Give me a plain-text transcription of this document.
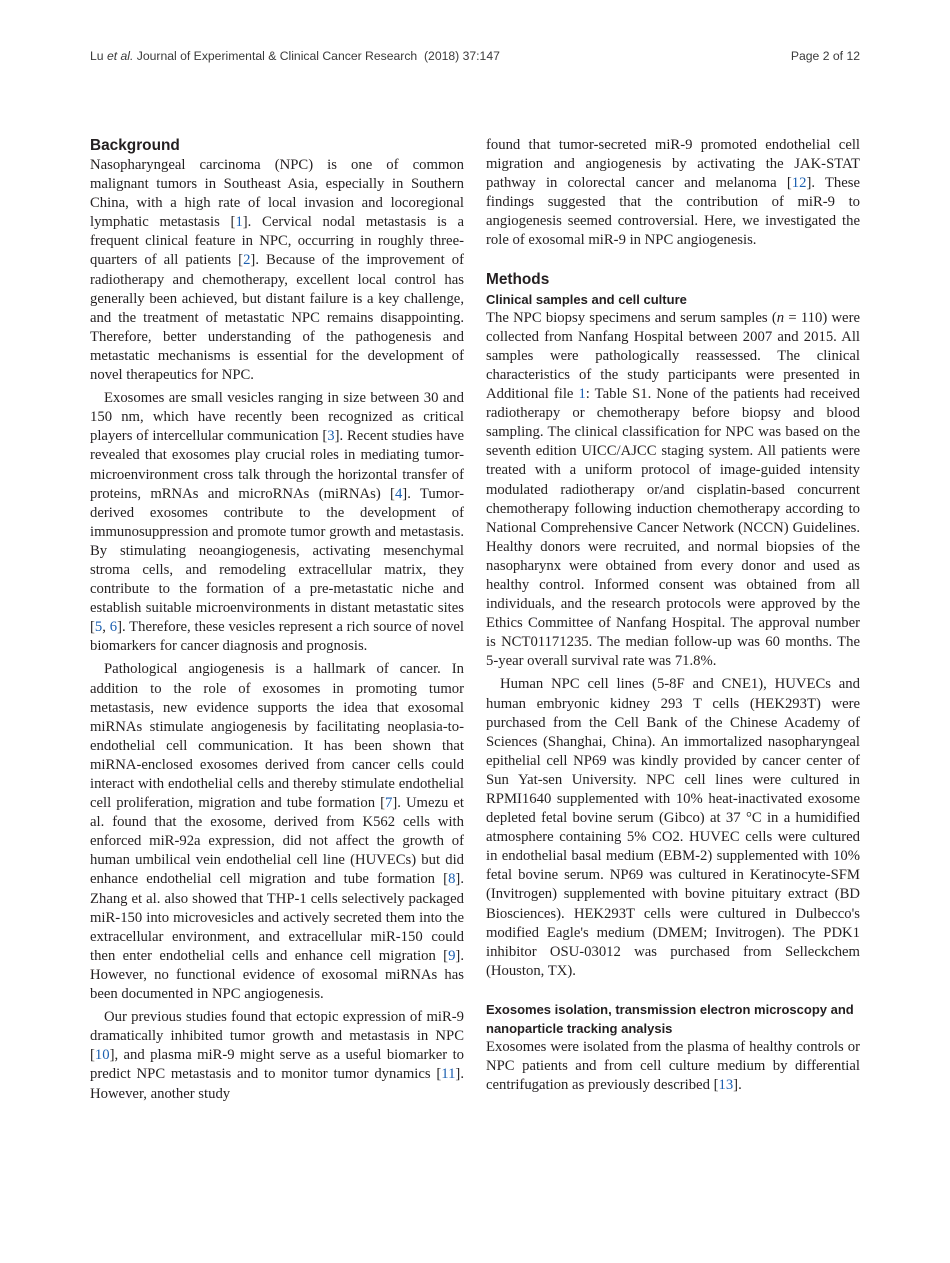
Lu et al. Journal of Experimental & Clinical Cancer Research (2018) 37:147	Page 2 of 12
Background

Nasopharyngeal carcinoma (NPC) is one of common malignant tumors in Southeast Asia, especially in Southern China, with a high rate of local invasion and locoregional lymphatic metastasis [1]. Cervical nodal metastasis is a frequent clinical feature in NPC, occurring in roughly three-quarters of all patients [2]. Because of the improvement of radiotherapy and chemotherapy, excellent local control has generally been achieved, but distant failure is a key challenge, and the treatment of metastatic NPC remains disappointing. Therefore, better understanding of the pathogenesis and metastatic mechanisms is essential for the development of novel therapeutics for NPC.

Exosomes are small vesicles ranging in size between 30 and 150 nm, which have recently been recognized as critical players of intercellular communication [3]. Recent studies have revealed that exosomes play crucial roles in mediating tumor-microenvironment cross talk through the horizontal transfer of proteins, mRNAs and microRNAs (miRNAs) [4]. Tumor-derived exosomes contribute to the development of immunosuppression and promote tumor growth and metastasis. By stimulating neoangiogenesis, activating mesenchymal stroma cells, and remodeling extracellular matrix, they contribute to the formation of a pre-metastatic niche and establish suitable microenvironments in distant metastatic sites [5, 6]. Therefore, these vesicles represent a rich source of novel biomarkers for cancer diagnosis and prognosis.

Pathological angiogenesis is a hallmark of cancer. In addition to the role of exosomes in promoting tumor metastasis, new evidence supports the idea that exosomal miRNAs stimulate angiogenesis by facilitating neoplasia-to-endothelial cell communication. It has been shown that miRNA-enclosed exosomes derived from cancer cells could interact with endothelial cells and thereby stimulate endothelial cell proliferation, migration and tube formation [7]. Umezu et al. found that the exosome, derived from K562 cells with enforced miR-92a expression, did not affect the growth of human umbilical vein endothelial cell line (HUVECs) but did enhance endothelial cell migration and tube formation [8]. Zhang et al. also showed that THP-1 cells selectively packaged miR-150 into microvesicles and actively secreted them into the extracellular environment, and extracellular miR-150 could then enter endothelial cells and enhance cell migration [9]. However, no functional evidence of exosomal miRNAs has been documented in NPC angiogenesis.

Our previous studies found that ectopic expression of miR-9 dramatically inhibited tumor growth and metastasis in NPC [10], and plasma miR-9 might serve as a useful biomarker to predict NPC metastasis and to monitor tumor dynamics [11]. However, another study

found that tumor-secreted miR-9 promoted endothelial cell migration and angiogenesis by activating the JAK-STAT pathway in colorectal cancer and melanoma [12]. These findings suggested that the contribution of miR-9 to angiogenesis seemed controversial. Here, we investigated the role of exosomal miR-9 in NPC angiogenesis.

Methods
Clinical samples and cell culture

The NPC biopsy specimens and serum samples (n = 110) were collected from Nanfang Hospital between 2007 and 2015. All samples were pathologically reassessed. The clinical characteristics of the study participants were presented in Additional file 1: Table S1. None of the patients had received radiotherapy or chemotherapy before biopsy and blood sampling. The clinical classification for NPC was based on the seventh edition UICC/AJCC staging system. All patients were treated with a uniform protocol of image-guided intensity modulated radiotherapy or/and cisplatin-based concurrent chemotherapy following induction chemotherapy according to National Comprehensive Cancer Network (NCCN) Guidelines. Healthy donors were recruited, and normal biopsies of the nasopharynx were obtained from every donor and used as healthy control. Informed consent was obtained from all individuals, and the research protocols were approved by the Ethics Committee of Nanfang Hospital. The approval number is NCT01171235. The median follow-up was 60 months. The 5-year overall survival rate was 71.8%.

Human NPC cell lines (5-8F and CNE1), HUVECs and human embryonic kidney 293 T cells (HEK293T) were purchased from the Cell Bank of the Chinese Academy of Sciences (Shanghai, China). An immortalized nasopharyngeal epithelial cell NP69 was kindly provided by cancer center of Sun Yat-sen University. NPC cell lines were cultured in RPMI1640 supplemented with 10% heat-inactivated exosome depleted fetal bovine serum (Gibco) at 37 °C in a humidified atmosphere containing 5% CO2. HUVEC cells were cultured in endothelial basal medium (EBM-2) supplemented with 10% fetal bovine serum. NP69 was cultured in Keratinocyte-SFM (Invitrogen) supplemented with bovine pituitary extract (BD Biosciences). HEK293T cells were cultured in Dulbecco's modified Eagle's medium (DMEM; Invitrogen). The PDK1 inhibitor OSU-03012 was purchased from Selleckchem (Houston, TX).

Exosomes isolation, transmission electron microscopy and nanoparticle tracking analysis

Exosomes were isolated from the plasma of healthy controls or NPC patients and from cell culture medium by differential centrifugation as previously described [13].
